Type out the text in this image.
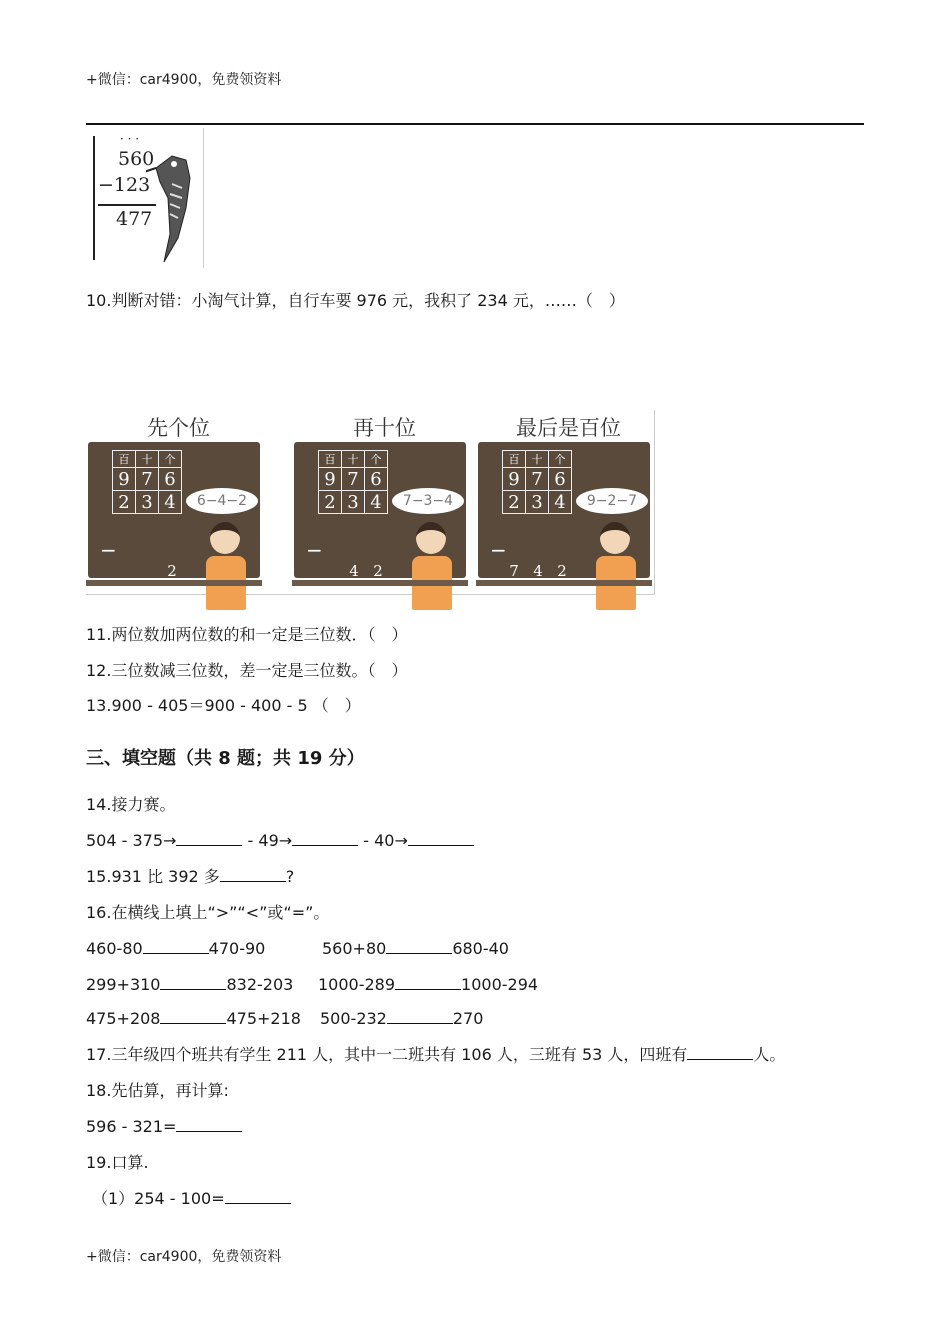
+微信：car4900，免费领资料
· · ·
560
−123
477
10.判断对错：小淘气计算，自行车要 976 元，我积了 234 元，……（　）
先个位
百	十	个
9	7	6
2	3	4
−
2
6−4−2
再十位
百	十	个
9	7	6
2	3	4
−
4 2
7−3−4
最后是百位
百	十	个
9	7	6
2	3	4
−
7 4 2
9−2−7
11.两位数加两位数的和一定是三位数．（　）
12.三位数减三位数，差一定是三位数。（　）
13.900 - 405＝900 - 400 - 5 （　）
三、填空题（共 8 题；共 19 分）
14.接力赛。
504 - 375→	- 49→	- 40→
15.931 比 392 多	?
16.在横线上填上“>”“<”或“=”。
460-80	470-90	560+80	680-40
299+310	832-203 1000-289	1000-294
475+208	475+218 500-232	270
17.三年级四个班共有学生 211 人，其中一二班共有 106 人，三班有 53 人，四班有	人。
18.先估算，再计算:
596 - 321=
19.口算.
（1）254 - 100=
+微信：car4900，免费领资料
